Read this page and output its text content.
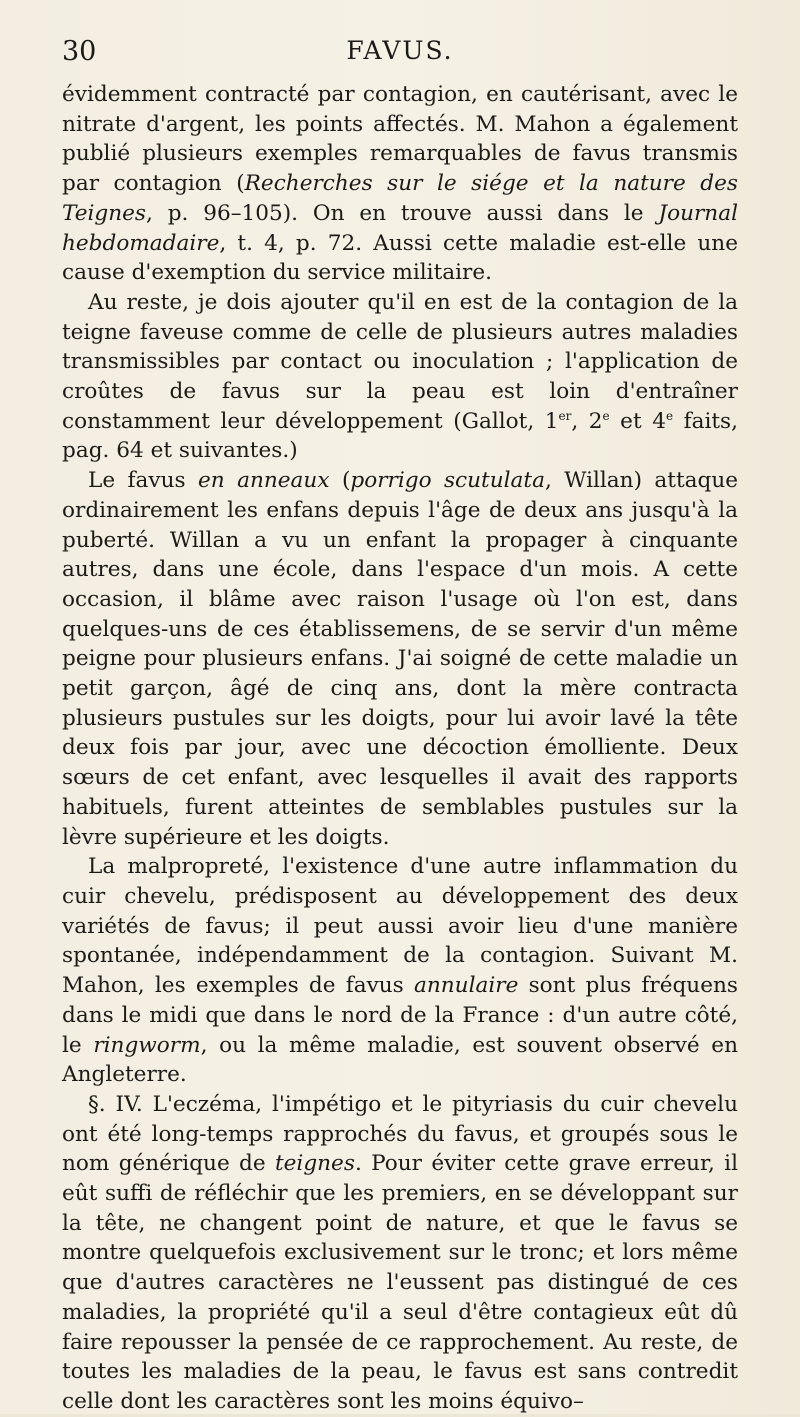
30	FAVUS.

évidemment contracté par contagion, en cautérisant, avec le nitrate d'argent, les points affectés. M. Mahon a également publié plusieurs exemples remarquables de favus transmis par contagion (Recherches sur le siége et la nature des Teignes, p. 96–105). On en trouve aussi dans le Journal hebdomadaire, t. 4, p. 72. Aussi cette maladie est-elle une cause d'exemption du service militaire.

Au reste, je dois ajouter qu'il en est de la contagion de la teigne faveuse comme de celle de plusieurs autres maladies transmissibles par contact ou inoculation ; l'application de croûtes de favus sur la peau est loin d'entraîner constamment leur développement (Gallot, 1er, 2e et 4e faits, pag. 64 et suivantes.)

Le favus en anneaux (porrigo scutulata, Willan) attaque ordinairement les enfans depuis l'âge de deux ans jusqu'à la puberté. Willan a vu un enfant la propager à cinquante autres, dans une école, dans l'espace d'un mois. A cette occasion, il blâme avec raison l'usage où l'on est, dans quelques-uns de ces établissemens, de se servir d'un même peigne pour plusieurs enfans. J'ai soigné de cette maladie un petit garçon, âgé de cinq ans, dont la mère contracta plusieurs pustules sur les doigts, pour lui avoir lavé la tête deux fois par jour, avec une décoction émolliente. Deux sœurs de cet enfant, avec lesquelles il avait des rapports habituels, furent atteintes de semblables pustules sur la lèvre supérieure et les doigts.

La malpropreté, l'existence d'une autre inflammation du cuir chevelu, prédisposent au développement des deux variétés de favus; il peut aussi avoir lieu d'une manière spontanée, indépendamment de la contagion. Suivant M. Mahon, les exemples de favus annulaire sont plus fréquens dans le midi que dans le nord de la France : d'un autre côté, le ringworm, ou la même maladie, est souvent observé en Angleterre.

§. IV. L'eczéma, l'impétigo et le pityriasis du cuir chevelu ont été long-temps rapprochés du favus, et groupés sous le nom générique de teignes. Pour éviter cette grave erreur, il eût suffi de réfléchir que les premiers, en se développant sur la tête, ne changent point de nature, et que le favus se montre quelquefois exclusivement sur le tronc; et lors même que d'autres caractères ne l'eussent pas distingué de ces maladies, la propriété qu'il a seul d'être contagieux eût dû faire repousser la pensée de ce rapprochement. Au reste, de toutes les maladies de la peau, le favus est sans contredit celle dont les caractères sont les moins équivo–
